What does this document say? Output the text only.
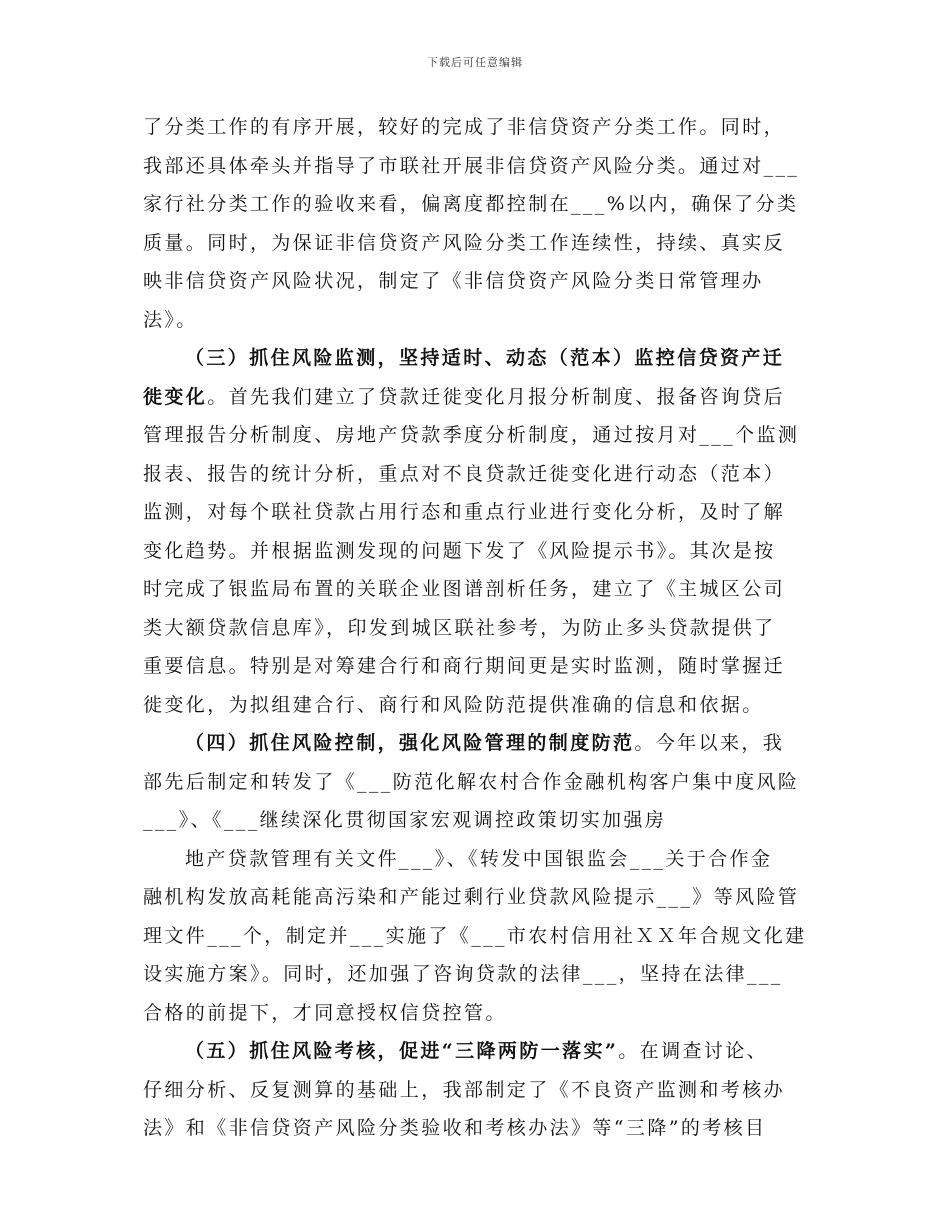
下载后可任意编辑
了分类工作的有序开展，较好的完成了非信贷资产分类工作。同时，
我部还具体牵头并指导了市联社开展非信贷资产风险分类。通过对___
家行社分类工作的验收来看，偏离度都控制在___%以内，确保了分类
质量。同时，为保证非信贷资产风险分类工作连续性，持续、真实反
映非信贷资产风险状况，制定了《非信贷资产风险分类日常管理办
法》。
（三）抓住风险监测，坚持适时、动态（范本）监控信贷资产迁
徙变化。首先我们建立了贷款迁徙变化月报分析制度、报备咨询贷后
管理报告分析制度、房地产贷款季度分析制度，通过按月对___个监测
报表、报告的统计分析，重点对不良贷款迁徙变化进行动态（范本）
监测，对每个联社贷款占用行态和重点行业进行变化分析，及时了解
变化趋势。并根据监测发现的问题下发了《风险提示书》。其次是按
时完成了银监局布置的关联企业图谱剖析任务，建立了《主城区公司
类大额贷款信息库》，印发到城区联社参考，为防止多头贷款提供了
重要信息。特别是对筹建合行和商行期间更是实时监测，随时掌握迁
徙变化，为拟组建合行、商行和风险防范提供准确的信息和依据。
（四）抓住风险控制，强化风险管理的制度防范。今年以来，我
部先后制定和转发了《___防范化解农村合作金融机构客户集中度风险
___》、《___继续深化贯彻国家宏观调控政策切实加强房
地产贷款管理有关文件___》、《转发中国银监会___关于合作金
融机构发放高耗能高污染和产能过剩行业贷款风险提示___》等风险管
理文件___个，制定并___实施了《___市农村信用社ＸＸ年合规文化建
设实施方案》。同时，还加强了咨询贷款的法律___，坚持在法律___
合格的前提下，才同意授权信贷控管。
（五）抓住风险考核，促进“三降两防一落实”。在调查讨论、
仔细分析、反复测算的基础上，我部制定了《不良资产监测和考核办
法》和《非信贷资产风险分类验收和考核办法》等“三降”的考核目
